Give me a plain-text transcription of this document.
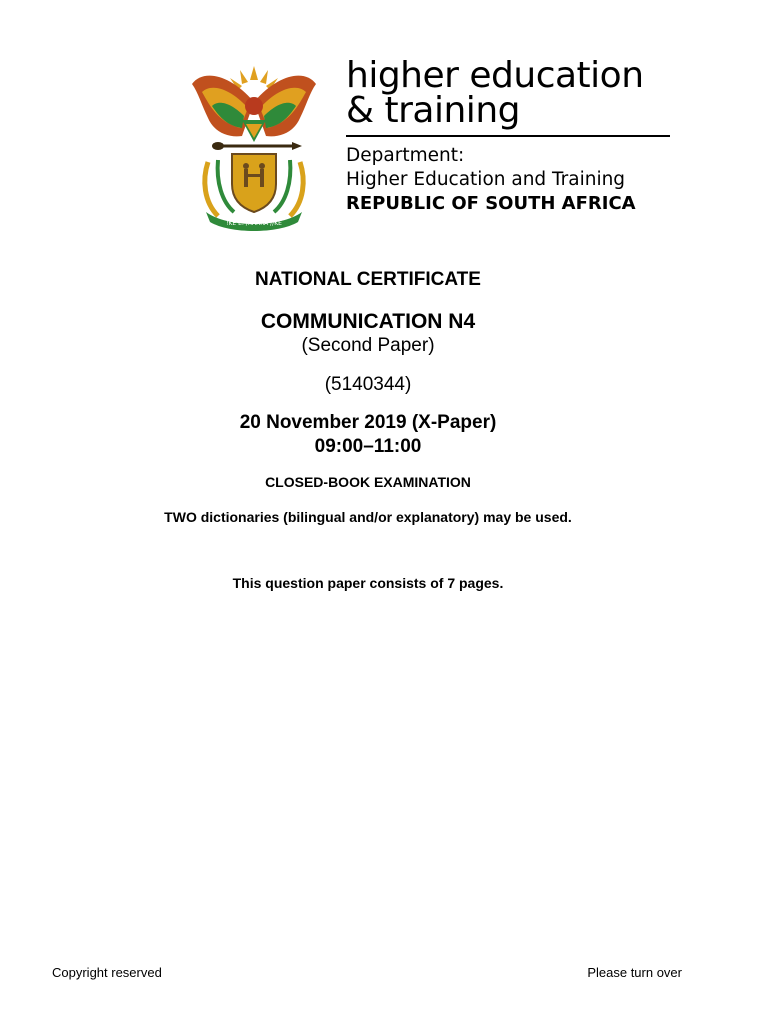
!KE E: /XARRA //KE
higher education
& training
Department:
Higher Education and Training
REPUBLIC OF SOUTH AFRICA
NATIONAL CERTIFICATE
COMMUNICATION N4
(Second Paper)
(5140344)
20 November 2019 (X-Paper)
09:00–11:00
CLOSED-BOOK EXAMINATION
TWO dictionaries (bilingual and/or explanatory) may be used.
This question paper consists of 7 pages.
Copyright reserved	Please turn over
